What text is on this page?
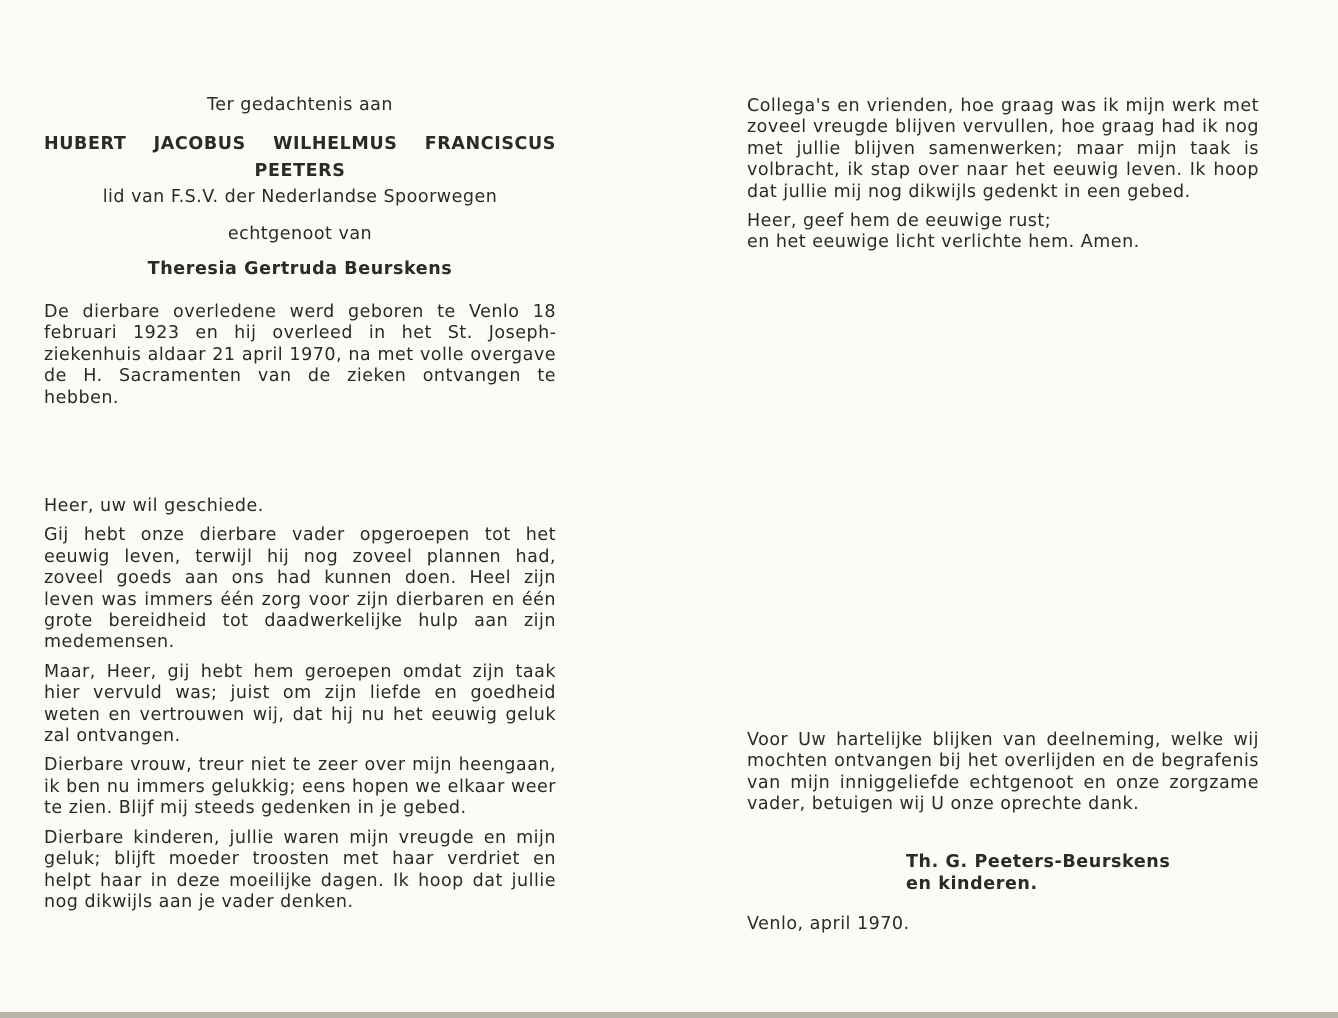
Ter gedachtenis aan
HUBERT JACOBUS WILHELMUS FRANCISCUS
PEETERS
lid van F.S.V. der Nederlandse Spoorwegen
echtgenoot van
Theresia Gertruda Beurskens

De dierbare overledene werd geboren te Venlo 18 februari 1923 en hij overleed in het St. Josephziekenhuis aldaar 21 april 1970, na met volle overgave de H. Sacramenten van de zieken ontvangen te hebben.

Heer, uw wil geschiede.

Gij hebt onze dierbare vader opgeroepen tot het eeuwig leven, terwijl hij nog zoveel plannen had, zoveel goeds aan ons had kunnen doen. Heel zijn leven was immers één zorg voor zijn dierbaren en één grote bereidheid tot daadwerkelijke hulp aan zijn medemensen.

Maar, Heer, gij hebt hem geroepen omdat zijn taak hier vervuld was; juist om zijn liefde en goedheid weten en vertrouwen wij, dat hij nu het eeuwig geluk zal ontvangen.

Dierbare vrouw, treur niet te zeer over mijn heengaan, ik ben nu immers gelukkig; eens hopen we elkaar weer te zien. Blijf mij steeds gedenken in je gebed.

Dierbare kinderen, jullie waren mijn vreugde en mijn geluk; blijft moeder troosten met haar verdriet en helpt haar in deze moeilijke dagen. Ik hoop dat jullie nog dikwijls aan je vader denken.

Collega's en vrienden, hoe graag was ik mijn werk met zoveel vreugde blijven vervullen, hoe graag had ik nog met jullie blijven samenwerken; maar mijn taak is volbracht, ik stap over naar het eeuwig leven. Ik hoop dat jullie mij nog dikwijls gedenkt in een gebed.

Heer, geef hem de eeuwige rust;

en het eeuwige licht verlichte hem. Amen.

Voor Uw hartelijke blijken van deelneming, welke wij mochten ontvangen bij het overlijden en de begrafenis van mijn inniggeliefde echtgenoot en onze zorgzame vader, betuigen wij U onze oprechte dank.

Th. G. Peeters-Beurskens
en kinderen.
Venlo, april 1970.
